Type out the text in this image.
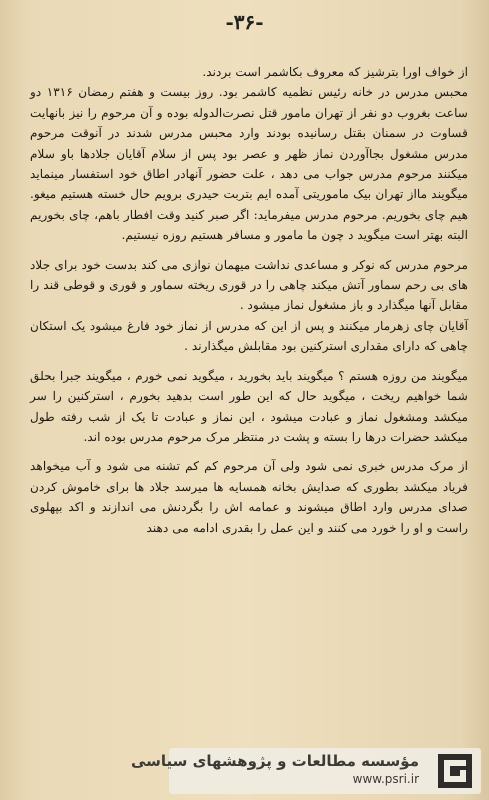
-۳۶-

از خواف اورا بترشیز که معروف بکاشمر است بردند.
محبس مدرس در خانه رئیس نظمیه کاشمر بود. روز بیست و هفتم رمضان ۱۳۱۶ دو ساعت بغروب دو نفر از تهران مامور قتل نصرت‌الدوله بوده و آن مرحوم را نیز بانهایت قساوت در سمنان بقتل رسانیده بودند وارد محبس مدرس شدند در آنوقت مرحوم مدرس مشغول بجاآوردن نماز ظهر و عصر بود پس از سلام آقایان جلادها باو سلام میکنند مرحوم مدرس جواب می دهد ، علت حضور آنهادر اطاق خود استفسار مینماید میگویند مااز تهران بیک ماموریتی آمده ایم بتربت حیدری برویم حال خسته هستیم میغو. هیم چای بخوریم. مرحوم مدرس میفرماید: اگر صبر کنید وقت افطار باهم، چای بخوریم البته بهتر است میگوید د چون ما مامور و مسافر هستیم روزه نیستیم.

مرحوم مدرس که نوکر و مساعدی نداشت میهمان نوازی می کند بدست خود برای جلاد های بی رحم سماور آتش میکند چاهی را در قوری ریخته سماور و قوری و قوطی قند را مقابل آنها میگذارد و باز مشغول نماز میشود .
آقایان چای زهرمار میکنند و پس از این که مدرس از نماز خود فارغ میشود یک استکان چاهی که دارای مقداری استرکنین بود مقابلش میگذارند .

میگویند من روزه هستم ؟ میگویند باید بخورید ، میگوید نمی خورم ، میگویند جبرا بحلق شما خواهیم ریخت ، میگوید حال که این طور است بدهید بخورم ، استرکنین را سر میکشد ومشغول نماز و عبادت میشود ، این نماز و عبادت تا یک از شب رفته طول میکشد حضرات درها را بسته و پشت در منتظر مرک مرحوم مدرس بوده اند.

از مرک مدرس خبری نمی شود ولی آن مرحوم کم کم تشنه می شود و آب میخواهد فریاد میکشد بطوری که صدایش بخانه همسایه ها میرسد جلاد ها برای خاموش کردن صدای مدرس وارد اطاق میشوند و عمامه اش را بگردنش می اندازند و اکد بپهلوی راست و او را خورد می کنند و این عمل را بقدری ادامه می دهند

مؤسسه مطالعات و پژوهشهای سیاسی
www.psri.ir
